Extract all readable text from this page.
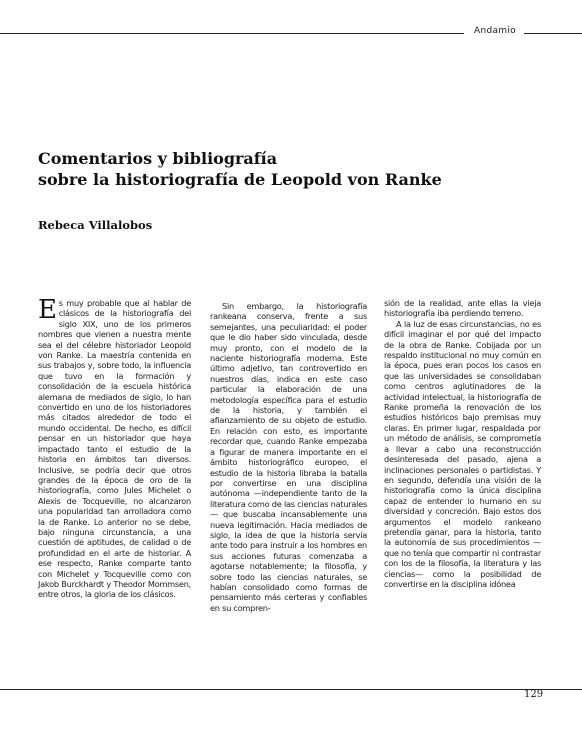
Andamio
Comentarios y bibliografía
sobre la historiografía de Leopold von Ranke
Rebeca Villalobos

Es muy probable que al hablar de clásicos de la historiografía del siglo XIX, uno de los primeros nombres que vienen a nuestra mente sea el del célebre historiador Leopold von Ranke. La maestría contenida en sus trabajos y, sobre todo, la influencia que tuvo en la formación y consolidación de la escuela histórica alemana de mediados de siglo, lo han convertido en uno de los historiadores más citados alrededor de todo el mundo occidental. De hecho, es difícil pensar en un historiador que haya impactado tanto el estudio de la historia en ámbitos tan diversos. Inclusive, se podría decir que otros grandes de la época de oro de la historiografía, como Jules Michelet o Alexis de Tocqueville, no alcanzaron una popularidad tan arrolladora como la de Ranke. Lo anterior no se debe, bajo ninguna circunstancia, a una cuestión de aptitudes, de calidad o de profundidad en el arte de historiar. A ese respecto, Ranke comparte tanto con Michelet y Tocqueville como con Jakob Burckhardt y Theodor Mommsen, entre otros, la gloria de los clásicos.

Sin embargo, la historiografía rankeana conserva, frente a sus semejantes, una peculiaridad: el poder que le dio haber sido vinculada, desde muy pronto, con el modelo de la naciente historiografía moderna. Este último adjetivo, tan controvertido en nuestros días, indica en este caso particular la elaboración de una metodología específica para el estudio de la historia, y también el afianzamiento de su objeto de estudio. En relación con esto, es importante recordar que, cuando Ranke empezaba a figurar de manera importante en el ámbito historiográfico europeo, el estudio de la historia libraba la batalla por convertirse en una disciplina autónoma —independiente tanto de la literatura como de las ciencias naturales— que buscaba incansablemente una nueva legitimación. Hacia mediados de siglo, la idea de que la historia servía ante todo para instruir a los hombres en sus acciones futuras comenzaba a agotarse notablemente; la filosofía, y sobre todo las ciencias naturales, se habían consolidado como formas de pensamiento más certeras y confiables en su compren-

sión de la realidad, ante ellas la vieja historiografía iba perdiendo terreno.

A la luz de esas circunstancias, no es difícil imaginar el por qué del impacto de la obra de Ranke. Cobijada por un respaldo institucional no muy común en la época, pues eran pocos los casos en que las universidades se consolidaban como centros aglutinadores de la actividad intelectual, la historiografía de Ranke promeña la renovación de los estudios históricos bajo premisas muy claras. En primer lugar, respaldada por un método de análisis, se comprometía a llevar a cabo una reconstrucción desinteresada del pasado, ajena a inclinaciones personales o partidistas. Y en segundo, defendía una visión de la historiografía como la única disciplina capaz de entender lo humano en su diversidad y concreción. Bajo estos dos argumentos el modelo rankeano pretendía ganar, para la historia, tanto la autonomía de sus procedimientos —que no tenía que compartir ni contrastar con los de la filosofía, la literatura y las ciencias— como la posibilidad de convertirse en la disciplina idónea

129
